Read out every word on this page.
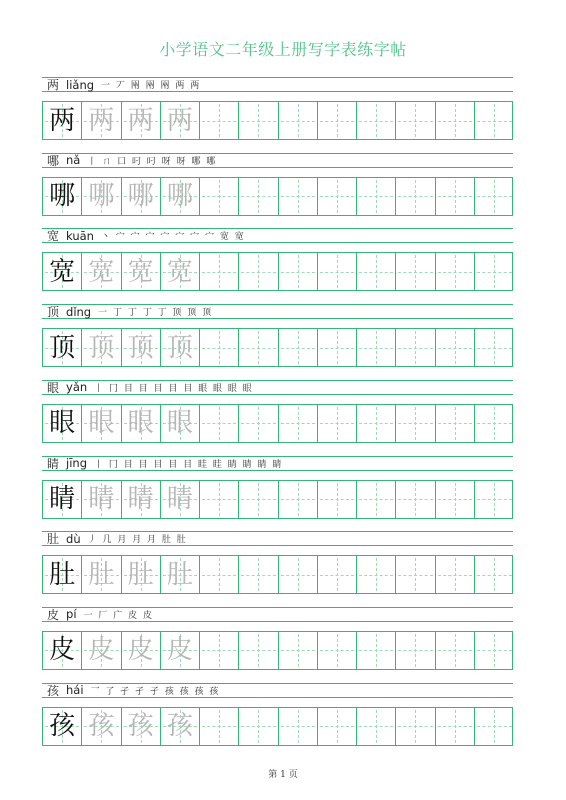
小学语文二年级上册写字表练字帖
两 liǎng 一 丆 㒳 㒳 㒳 两 两
两 两 两 两
哪 nǎ 丨 ㄇ 口 叼 叼 呀 呀 哪 哪
哪 哪 哪 哪
宽 kuān 丶 宀 宀 宀 宀 宀 宀 宀 宽 宽
宽 宽 宽 宽
顶 dǐng 一 丁 丁 丁 丁 顶 顶 顶
顶 顶 顶 顶
眼 yǎn 丨 冂 目 目 目 目 目 眼 眼 眼 眼
眼 眼 眼 眼
睛 jīng 丨 冂 目 目 目 目 目 眭 眭 睛 睛 睛 睛
睛 睛 睛 睛
肚 dù 丿 几 月 月 月 肚 肚
肚 肚 肚 肚
皮 pí 一 厂 广 皮 皮
皮 皮 皮 皮
孩 hái 乛 了 孑 孑 孑 孩 孩 孩 孩
孩 孩 孩 孩
第 1 页
